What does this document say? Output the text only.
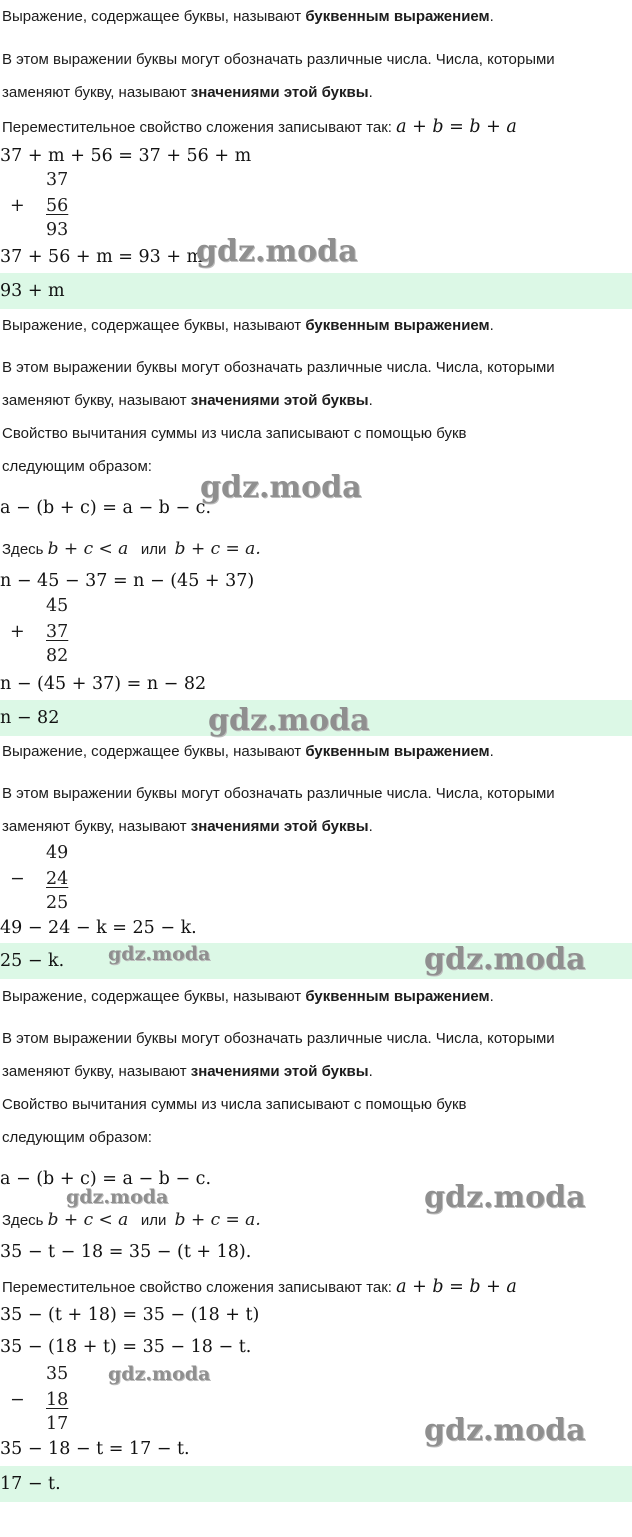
Выражение, содержащее буквы, называют буквенным выражением.
В этом выражении буквы могут обозначать различные числа. Числа, которыми
заменяют букву, называют значениями этой буквы.
Переместительное свойство сложения записывают так: a + b = b + a
37 + m + 56 = 37 + 56 + m
37
+ 56
93
37 + 56 + m = 93 + m
gdz.moda
93 + m
Выражение, содержащее буквы, называют буквенным выражением.
В этом выражении буквы могут обозначать различные числа. Числа, которыми
заменяют букву, называют значениями этой буквы.
Свойство вычитания суммы из числа записывают с помощью букв
следующим образом:
a − (b + c) = a − b − c.
gdz.moda
Здесь b + c < a или b + c = a.
n − 45 − 37 = n − (45 + 37)
45
+ 37
82
n − (45 + 37) = n − 82
n − 82	gdz.moda
Выражение, содержащее буквы, называют буквенным выражением.
В этом выражении буквы могут обозначать различные числа. Числа, которыми
заменяют букву, называют значениями этой буквы.
49
− 24
25
49 − 24 − k = 25 − k.
25 − k. gdz.moda	gdz.moda
Выражение, содержащее буквы, называют буквенным выражением.
В этом выражении буквы могут обозначать различные числа. Числа, которыми
заменяют букву, называют значениями этой буквы.
Свойство вычитания суммы из числа записывают с помощью букв
следующим образом:
a − (b + c) = a − b − c.
gdz.moda	gdz.moda
Здесь b + c < a или b + c = a.
35 − t − 18 = 35 − (t + 18).
Переместительное свойство сложения записывают так: a + b = b + a
35 − (t + 18) = 35 − (18 + t)
35 − (18 + t) = 35 − 18 − t.
35
− 18
17
gdz.moda
35 − 18 − t = 17 − t.
gdz.moda
17 − t.
